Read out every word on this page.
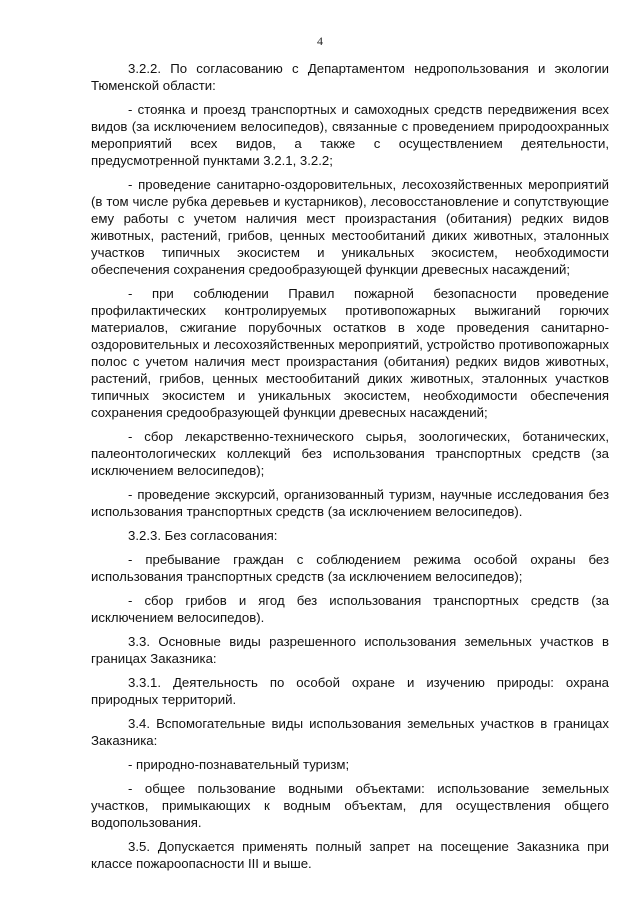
4

3.2.2. По согласованию с Департаментом недропользования и экологии Тюменской области:

- стоянка и проезд транспортных и самоходных средств передвижения всех видов (за исключением велосипедов), связанные с проведением природоохранных мероприятий всех видов, а также с осуществлением деятельности, предусмотренной пунктами 3.2.1, 3.2.2;

- проведение санитарно-оздоровительных, лесохозяйственных мероприятий (в том числе рубка деревьев и кустарников), лесовосстановление и сопутствующие ему работы с учетом наличия мест произрастания (обитания) редких видов животных, растений, грибов, ценных местообитаний диких животных, эталонных участков типичных экосистем и уникальных экосистем, необходимости обеспечения сохранения средообразующей функции древесных насаждений;

- при соблюдении Правил пожарной безопасности проведение профилактических контролируемых противопожарных выжиганий горючих материалов, сжигание порубочных остатков в ходе проведения санитарно-оздоровительных и лесохозяйственных мероприятий, устройство противопожарных полос с учетом наличия мест произрастания (обитания) редких видов животных, растений, грибов, ценных местообитаний диких животных, эталонных участков типичных экосистем и уникальных экосистем, необходимости обеспечения сохранения средообразующей функции древесных насаждений;

- сбор лекарственно-технического сырья, зоологических, ботанических, палеонтологических коллекций без использования транспортных средств (за исключением велосипедов);

- проведение экскурсий, организованный туризм, научные исследования без использования транспортных средств (за исключением велосипедов).

3.2.3. Без согласования:

- пребывание граждан с соблюдением режима особой охраны без использования транспортных средств (за исключением велосипедов);

- сбор грибов и ягод без использования транспортных средств (за исключением велосипедов).

3.3. Основные виды разрешенного использования земельных участков в границах Заказника:

3.3.1. Деятельность по особой охране и изучению природы: охрана природных территорий.

3.4. Вспомогательные виды использования земельных участков в границах Заказника:

- природно-познавательный туризм;

- общее пользование водными объектами: использование земельных участков, примыкающих к водным объектам, для осуществления общего водопользования.

3.5. Допускается применять полный запрет на посещение Заказника при классе пожароопасности III и выше.
